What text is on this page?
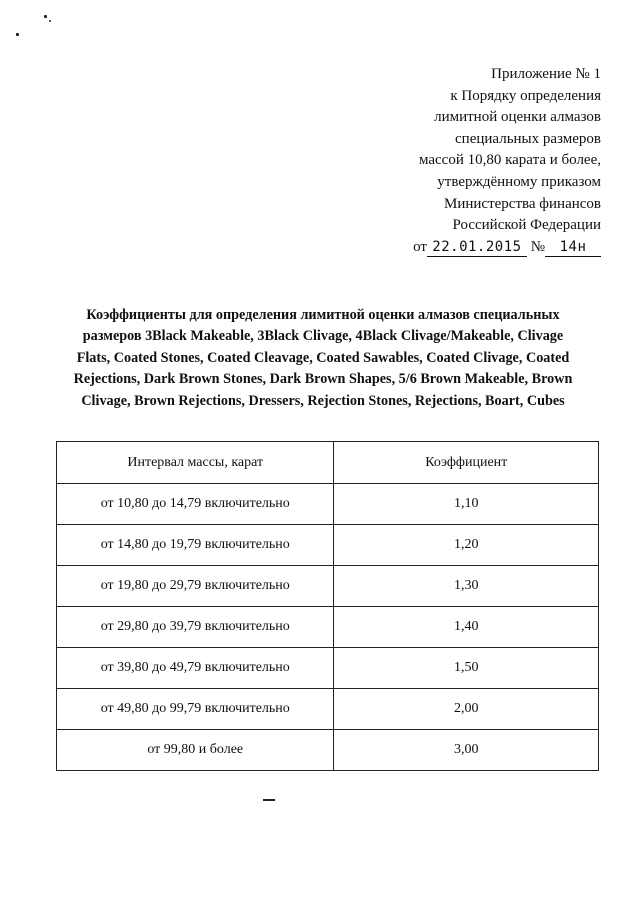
Приложение № 1
к Порядку определения
лимитной оценки алмазов
специальных размеров
массой 10,80 карата и более,
утверждённому приказом
Министерства финансов
Российской Федерации
от 22.01.2015 № 14н
Коэффициенты для определения лимитной оценки алмазов специальных
размеров 3Black Makeable, 3Black Clivage, 4Black Clivage/Makeable, Clivage
Flats, Coated Stones, Coated Cleavage, Coated Sawables, Coated Clivage, Coated
Rejections, Dark Brown Stones, Dark Brown Shapes, 5/6 Brown Makeable, Brown
Clivage, Brown Rejections, Dressers, Rejection Stones, Rejections, Boart, Cubes
Интервал массы, карат	Коэффициент
от 10,80 до 14,79 включительно	1,10
от 14,80 до 19,79 включительно	1,20
от 19,80 до 29,79 включительно	1,30
от 29,80 до 39,79 включительно	1,40
от 39,80 до 49,79 включительно	1,50
от 49,80 до 99,79 включительно	2,00
от 99,80 и более	3,00
